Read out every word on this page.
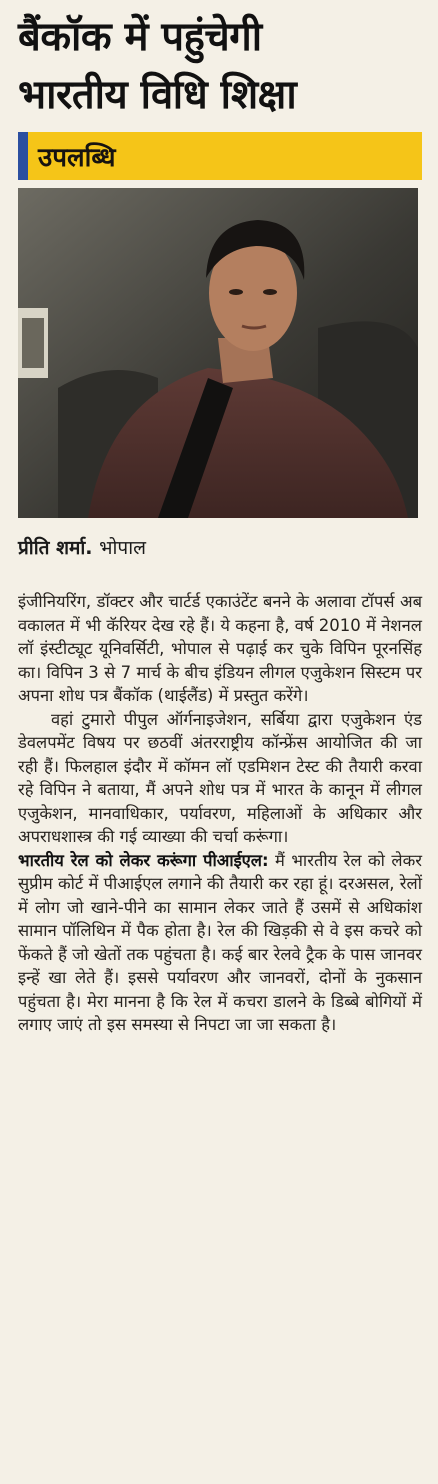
बैंकॉक में पहुंचेगी
भारतीय विधि शिक्षा
उपलब्धि
प्रीति शर्मा. भोपाल

इंजीनियरिंग, डॉक्टर और चार्टर्ड एकाउंटेंट बनने के अलावा टॉपर्स अब वकालत में भी कॅरियर देख रहे हैं। ये कहना है, वर्ष 2010 में नेशनल लॉ इंस्टीट्यूट यूनिवर्सिटी, भोपाल से पढ़ाई कर चुके विपिन पूरनसिंह का। विपिन 3 से 7 मार्च के बीच इंडियन लीगल एजुकेशन सिस्टम पर अपना शोध पत्र बैंकॉक (थाईलैंड) में प्रस्तुत करेंगे।

वहां टुमारो पीपुल ऑर्गनाइजेशन, सर्बिया द्वारा एजुकेशन एंड डेवलपमेंट विषय पर छठवीं अंतरराष्ट्रीय कॉन्फ्रेंस आयोजित की जा रही हैं। फिलहाल इंदौर में कॉमन लॉ एडमिशन टेस्ट की तैयारी करवा रहे विपिन ने बताया, मैं अपने शोध पत्र में भारत के कानून में लीगल एजुकेशन, मानवाधिकार, पर्यावरण, महिलाओं के अधिकार और अपराधशास्त्र की गई व्याख्या की चर्चा करूंगा।

भारतीय रेल को लेकर करूंगा पीआईएल: मैं भारतीय रेल को लेकर सुप्रीम कोर्ट में पीआईएल लगाने की तैयारी कर रहा हूं। दरअसल, रेलों में लोग जो खाने-पीने का सामान लेकर जाते हैं उसमें से अधिकांश सामान पॉलिथिन में पैक होता है। रेल की खिड़की से वे इस कचरे को फेंकते हैं जो खेतों तक पहुंचता है। कई बार रेलवे ट्रैक के पास जानवर इन्हें खा लेते हैं। इससे पर्यावरण और जानवरों, दोनों के नुकसान पहुंचता है। मेरा मानना है कि रेल में कचरा डालने के डिब्बे बोगियों में लगाए जाएं तो इस समस्या से निपटा जा जा सकता है।
